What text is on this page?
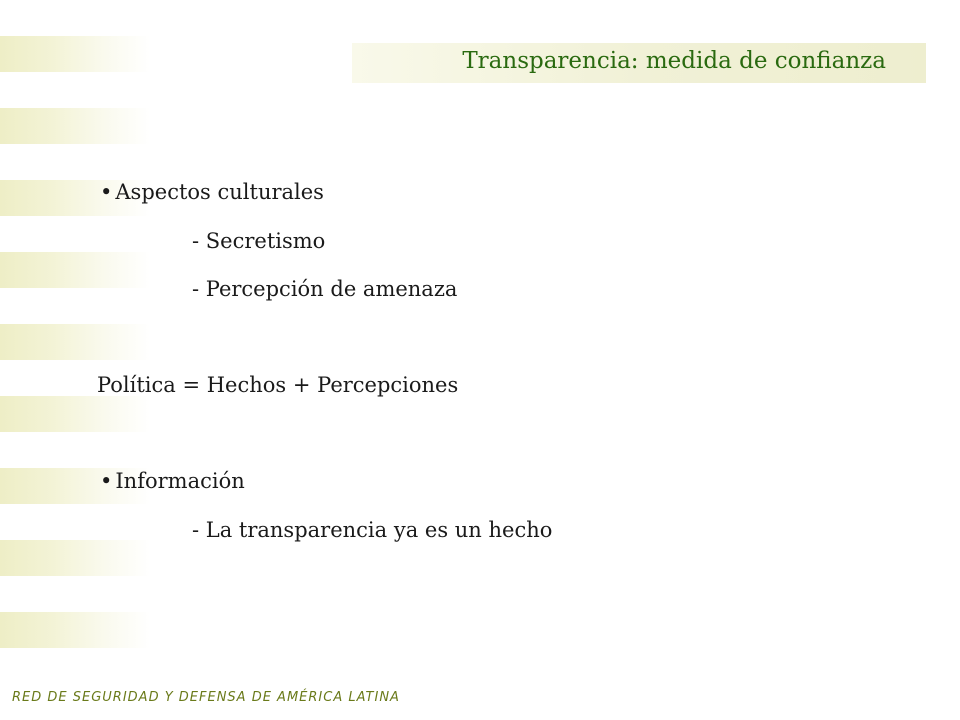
Transparencia: medida de confianza
• Aspectos culturales
- Secretismo
- Percepción de amenaza
Política = Hechos + Percepciones
• Información
- La transparencia ya es un hecho
RED DE SEGURIDAD Y DEFENSA DE AMÉRICA LATINA
